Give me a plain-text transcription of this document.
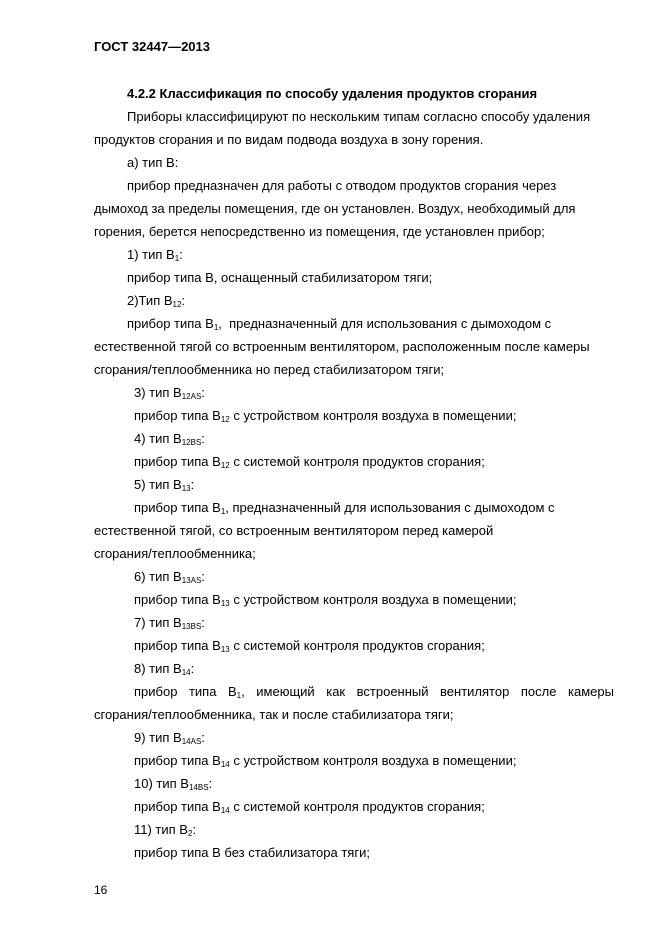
ГОСТ 32447—2013
4.2.2 Классификация по способу удаления продуктов сгорания
Приборы классифицируют по нескольким типам согласно способу удаления
продуктов сгорания и по видам подвода воздуха в зону горения.
а) тип B:
прибор предназначен для работы с отводом продуктов сгорания через
дымоход за пределы помещения, где он установлен. Воздух, необходимый для
горения, берется непосредственно из помещения, где установлен прибор;
1) тип $B_1$:
прибор типа B, оснащенный стабилизатором тяги;
2)Тип $B_{12}$:
прибор типа $B_1$,  предназначенный для использования с дымоходом с
естественной тягой со встроенным вентилятором, расположенным после камеры
сгорания/теплообменника но перед стабилизатором тяги;
3) тип $B_{12AS}$:
прибор типа $B_{12}$ с устройством контроля воздуха в помещении;
4) тип $B_{12BS}$:
прибор типа $B_{12}$ с системой контроля продуктов сгорания;
5) тип $B_{13}$:
прибор типа $B_1$, предназначенный для использования с дымоходом с
естественной тягой, со встроенным вентилятором перед камерой
сгорания/теплообменника;
6) тип $B_{13AS}$:
прибор типа $B_{13}$ с устройством контроля воздуха в помещении;
7) тип $B_{13BS}$:
прибор типа $B_{13}$ с системой контроля продуктов сгорания;
8) тип $B_{14}$:
прибор типа $B_1$, имеющий как встроенный вентилятор после камеры
сгорания/теплообменника, так и после стабилизатора тяги;
9) тип $B_{14AS}$:
прибор типа $B_{14}$ с устройством контроля воздуха в помещении;
10) тип $B_{14BS}$:
прибор типа $B_{14}$ с системой контроля продуктов сгорания;
11) тип $B_2$:
прибор типа B без стабилизатора тяги;
16
